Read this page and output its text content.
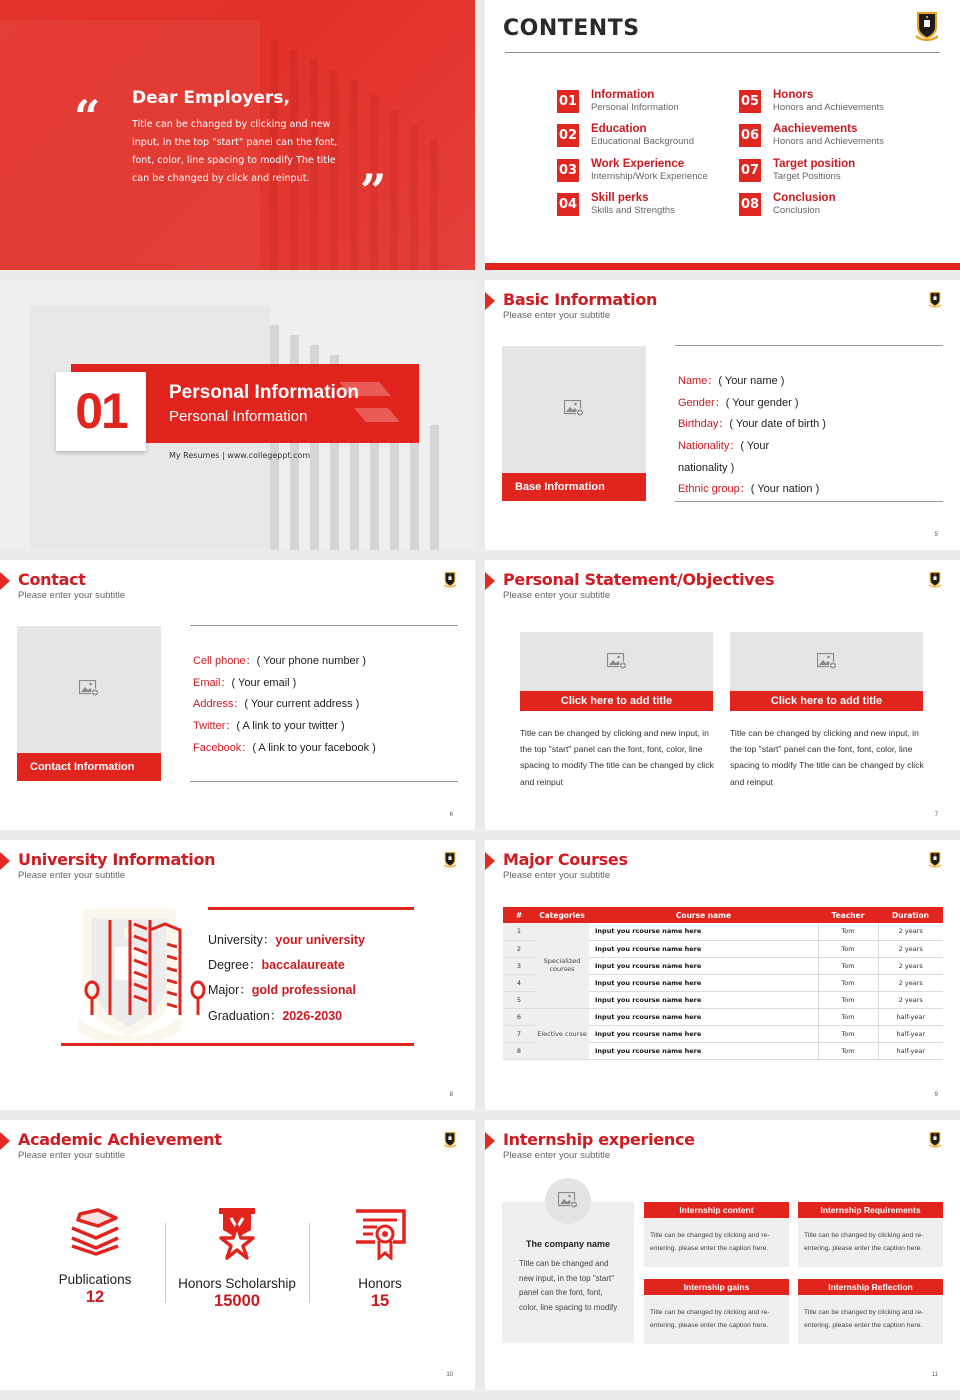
“ Dear Employers,
Title can be changed by clicking and new input, in the top "start" panel can the font, font, color, line spacing to modify The title can be changed by click and reinput.	”
CONTENTS
01 Information
Personal Information
02 Education
Educational Background
03 Work Experience
Internship/Work Experience
04 Skill perks
Skills and Strengths
05 Honors
Honors and Achievements
06 Aachievements
Honors and Achievements
07 Target position
Target Positions
08 Conclusion
Conclusion
01	Personal Information
Personal Information
My Resumes | www.collegeppt.com
Basic Information
Please enter your subtitle
Base Information
Name：( Your name )
Gender：( Your gender )
Birthday：( Your date of birth )
Nationality：( Your
nationality )
Ethnic group：( Your nation )
5
Contact
Please enter your subtitle
Contact Information
Cell phone：( Your phone number )
Email：( Your email )
Address：( Your current address )
Twitter：( A link to your twitter )
Facebook：( A link to your facebook )
6
Personal Statement/Objectives
Please enter your subtitle
Click here to add title
Title can be changed by clicking and new input, in the top "start" panel can the font, font, color, line spacing to modify The title can be changed by click and reinput
Click here to add title
Title can be changed by clicking and new input, in the top "start" panel can the font, font, color, line spacing to modify The title can be changed by click and reinput
7
University Information
Please enter your subtitle
University：your university
Degree：baccalaureate
Major：gold professional
Graduation：2026-2030
8
Major Courses
Please enter your subtitle
#	Categories	Course name	Teacher	Duration
1	Specialized courses	Input you rcourse name here	Tom	2 years
2		Input you rcourse name here	Tom	2 years
3		Input you rcourse name here	Tom	2 years
4		Input you rcourse name here	Tom	2 years
5		Input you rcourse name here	Tom	2 years
6	Elective course	Input you rcourse name here	Tom	half-year
7		Input you rcourse name here	Tom	half-year
8		Input you rcourse name here	Tom	half-year
9
Academic Achievement
Please enter your subtitle
Publications
12
Honors Scholarship
15000
Honors
15
10
Internship experience
Please enter your subtitle
The company name
Title can be changed and new input, in the top "start" panel can the font, font, color, line spacing to modify
Internship content
Title can be changed by clicking and re-entering, please enter the caption here.
Internship Requirements
Title can be changed by clicking and re-entering, please enter the caption here.
Internship gains
Title can be changed by clicking and re-entering, please enter the caption here.
Internship Reflection
Title can be changed by clicking and re-entering, please enter the caption here.
11
